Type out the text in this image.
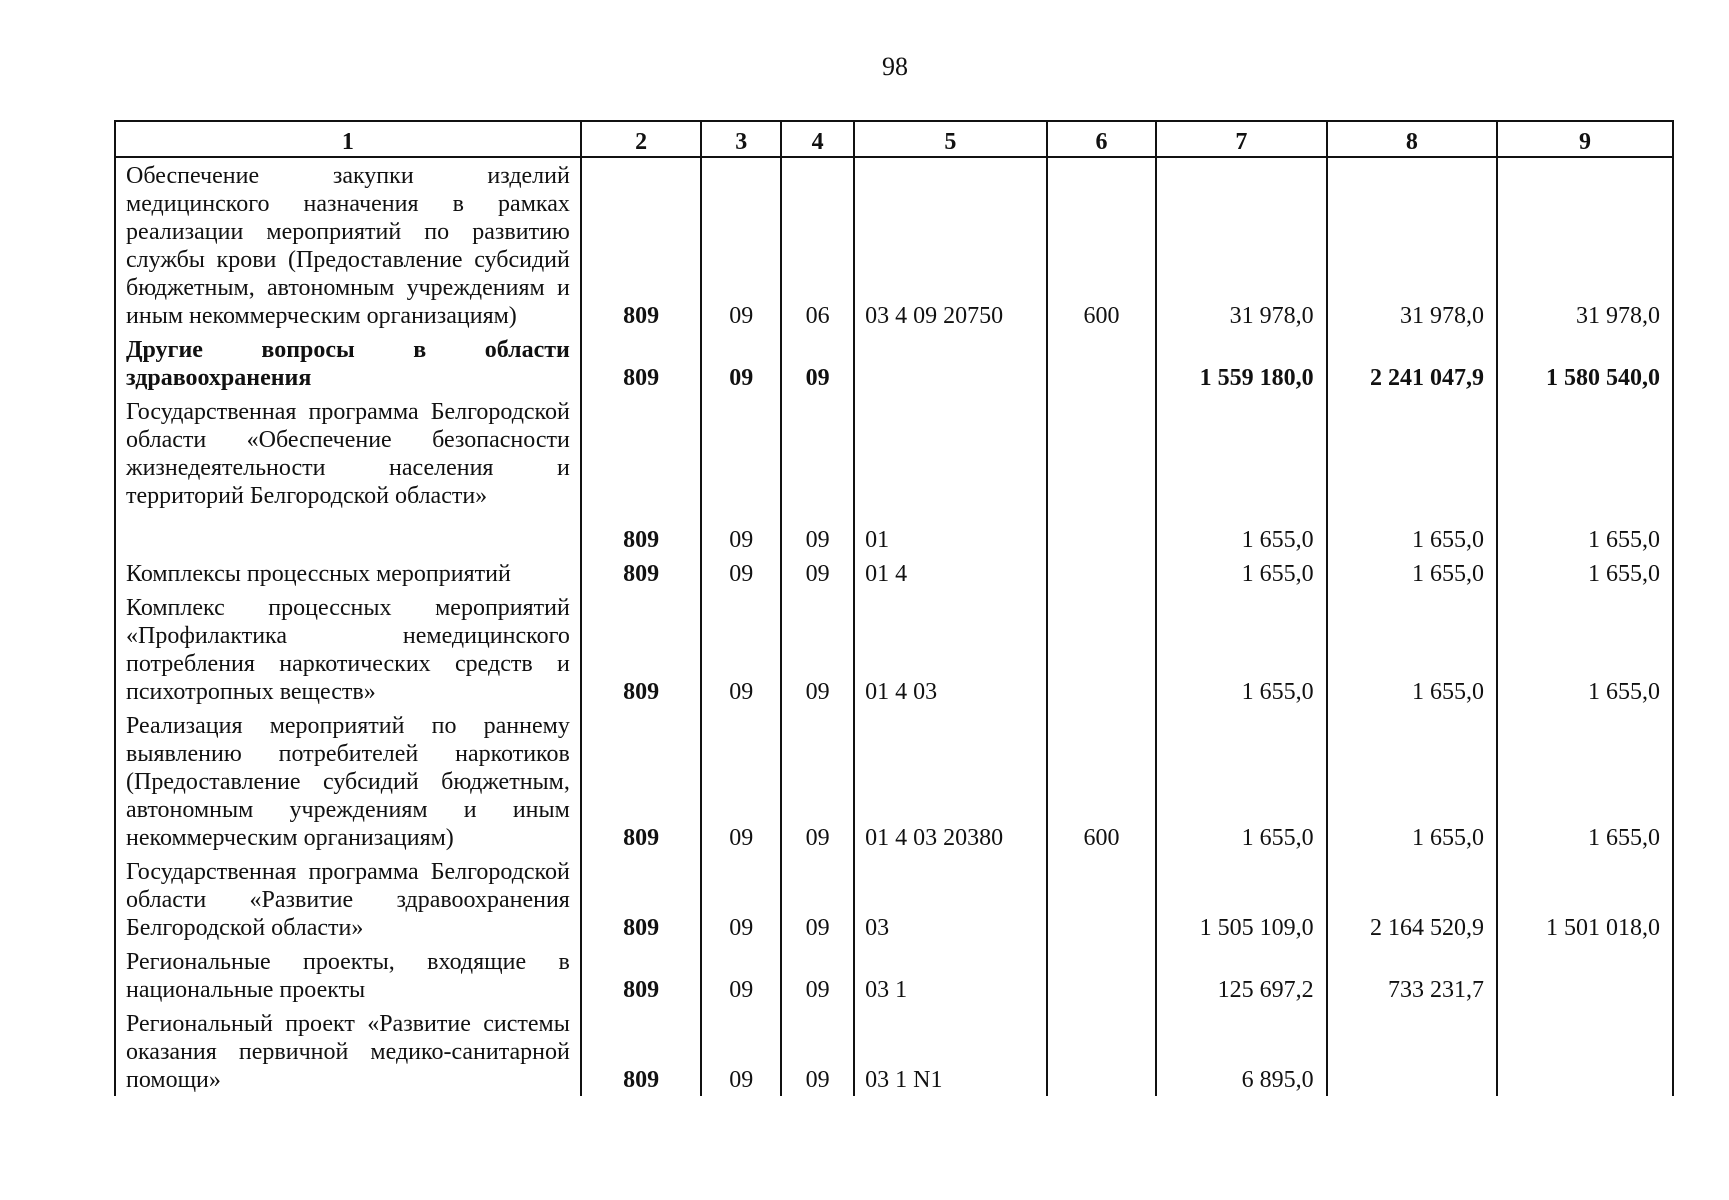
98
1	2	3	4	5	6	7	8	9
Обеспечение закупки изделий медицинского назначения в рамках реализации мероприятий по развитию службы крови (Предоставление субсидий бюджетным, автономным учреждениям и иным некоммерческим организациям)	809	09	06	03 4 09 20750	600	31 978,0	31 978,0	31 978,0
Другие вопросы в области здравоохранения	809	09	09			1 559 180,0	2 241 047,9	1 580 540,0
Государственная программа Белгородской области «Обеспечение безопасности жизнедеятельности населения и территорий Белгородской области»	809	09	09	01		1 655,0	1 655,0	1 655,0
Комплексы процессных мероприятий	809	09	09	01 4		1 655,0	1 655,0	1 655,0
Комплекс процессных мероприятий «Профилактика немедицинского потребления наркотических средств и психотропных веществ»	809	09	09	01 4 03		1 655,0	1 655,0	1 655,0
Реализация мероприятий по раннему выявлению потребителей наркотиков (Предоставление субсидий бюджетным, автономным учреждениям и иным некоммерческим организациям)	809	09	09	01 4 03 20380	600	1 655,0	1 655,0	1 655,0
Государственная программа Белгородской области «Развитие здравоохранения Белгородской области»	809	09	09	03		1 505 109,0	2 164 520,9	1 501 018,0
Региональные проекты, входящие в национальные проекты	809	09	09	03 1		125 697,2	733 231,7	
Региональный проект «Развитие системы оказания первичной медико-санитарной помощи»	809	09	09	03 1 N1		6 895,0		
